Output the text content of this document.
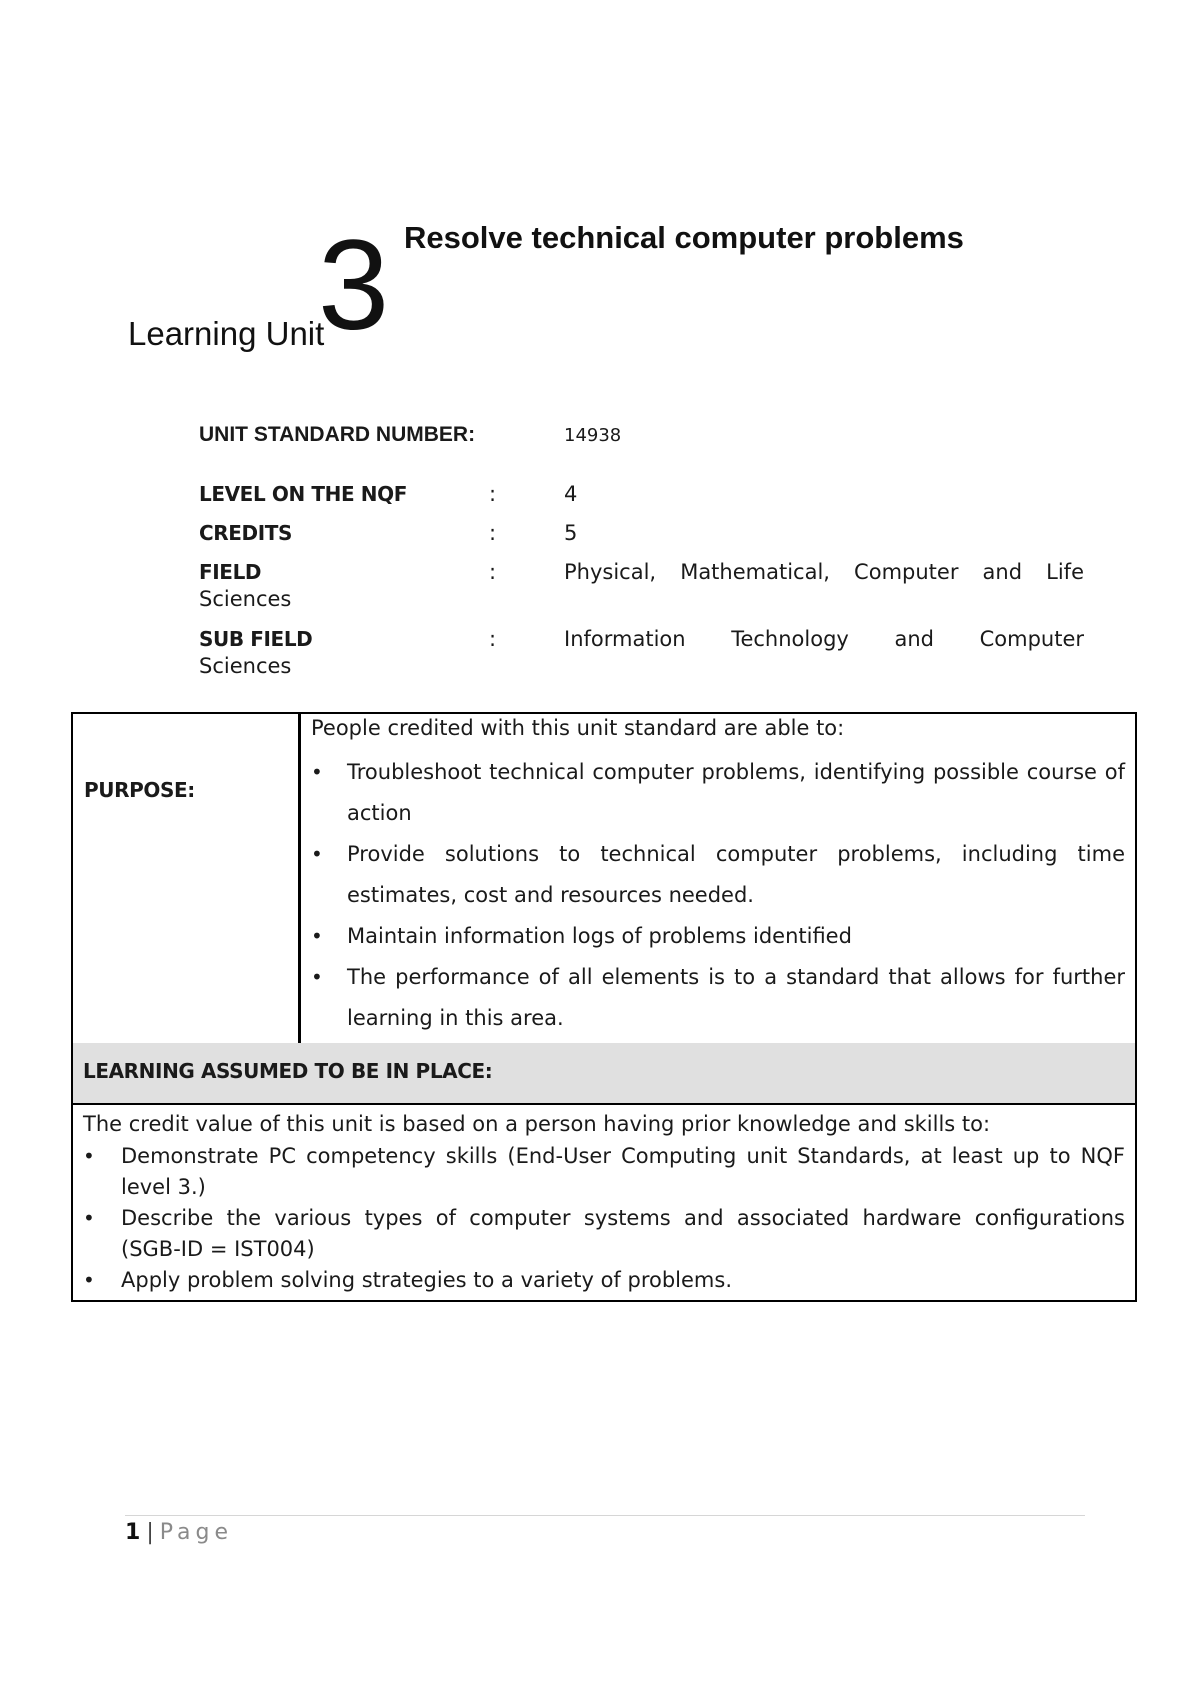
Learning Unit
3 Resolve technical computer problems
UNIT STANDARD NUMBER:	14938
LEVEL ON THE NQF	:	4
CREDITS	:	5
FIELD	:	Physical, Mathematical, Computer and Life
Sciences
SUB FIELD	:	Information Technology and Computer
Sciences
PURPOSE:

People credited with this unit standard are able to:

• Troubleshoot technical computer problems, identifying possible course of action
• Provide solutions to technical computer problems, including time estimates, cost and resources needed.
• Maintain information logs of problems identified
• The performance of all elements is to a standard that allows for further learning in this area.
LEARNING ASSUMED TO BE IN PLACE:

The credit value of this unit is based on a person having prior knowledge and skills to:

• Demonstrate PC competency skills (End-User Computing unit Standards, at least up to NQF level 3.)
• Describe the various types of computer systems and associated hardware configurations (SGB-ID = IST004)
• Apply problem solving strategies to a variety of problems.
1 | Page
